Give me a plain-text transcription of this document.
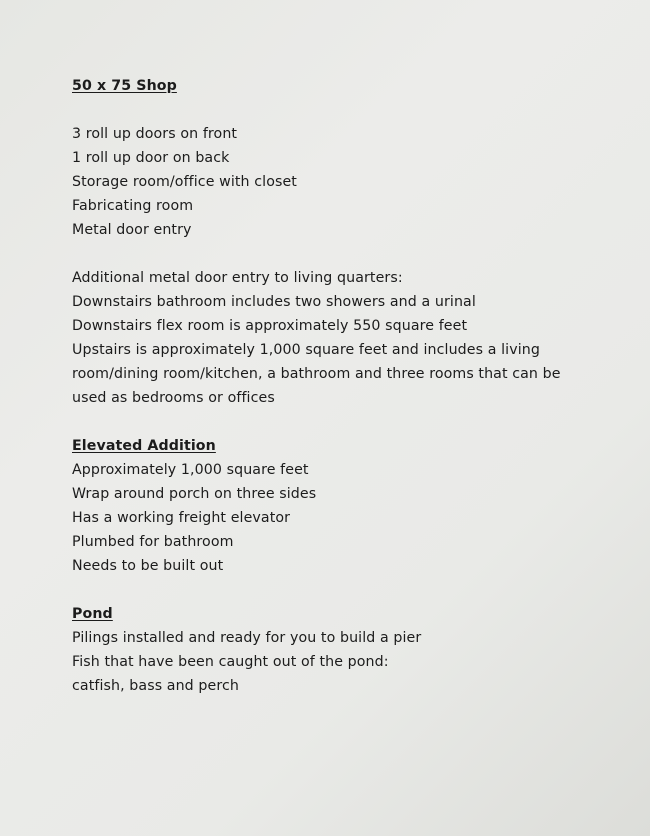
50 x 75 Shop

3 roll up doors on front

1 roll up door on back

Storage room/office with closet

Fabricating room

Metal door entry

Additional metal door entry to living quarters:

Downstairs bathroom includes two showers and a urinal

Downstairs flex room is approximately 550 square feet

Upstairs is approximately 1,000 square feet and includes a living room/dining room/kitchen, a bathroom and three rooms that can be used as bedrooms or offices

Elevated Addition

Approximately 1,000 square feet

Wrap around porch on three sides

Has a working freight elevator

Plumbed for bathroom

Needs to be built out

Pond

Pilings installed and ready for you to build a pier

Fish that have been caught out of the pond:

catfish, bass and perch
